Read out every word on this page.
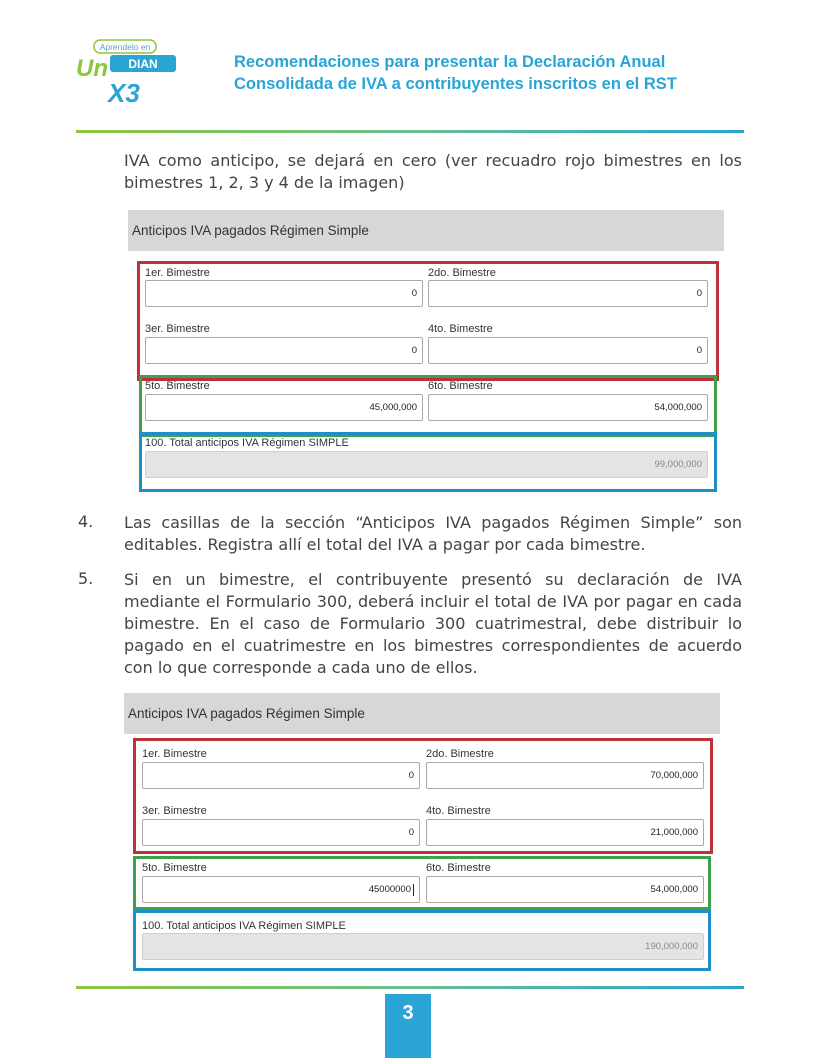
Aprendelo en
Un DIAN
X3
Recomendaciones para presentar la Declaración Anual
Consolidada de IVA a contribuyentes inscritos en el RST
IVA como anticipo, se dejará en cero (ver recuadro rojo bimestres en los
bimestres 1, 2, 3 y 4 de la imagen)
Anticipos IVA pagados Régimen Simple
1er. Bimestre	2do. Bimestre
0	0
3er. Bimestre	4to. Bimestre
0	0
5to. Bimestre	6to. Bimestre
45,000,000	54,000,000
100. Total anticipos IVA Régimen SIMPLE
99,000,000
4. Las casillas de la sección “Anticipos IVA pagados Régimen Simple” son
editables. Registra allí el total del IVA a pagar por cada bimestre.
5. Si en un bimestre, el contribuyente presentó su declaración de IVA
mediante el Formulario 300, deberá incluir el total de IVA por pagar en cada
bimestre. En el caso de Formulario 300 cuatrimestral, debe distribuir lo
pagado en el cuatrimestre en los bimestres correspondientes de acuerdo
con lo que corresponde a cada uno de ellos.
Anticipos IVA pagados Régimen Simple
1er. Bimestre	2do. Bimestre
0	70,000,000
3er. Bimestre	4to. Bimestre
0	21,000,000
5to. Bimestre	6to. Bimestre
45000000	54,000,000
100. Total anticipos IVA Régimen SIMPLE
190,000,000
3
